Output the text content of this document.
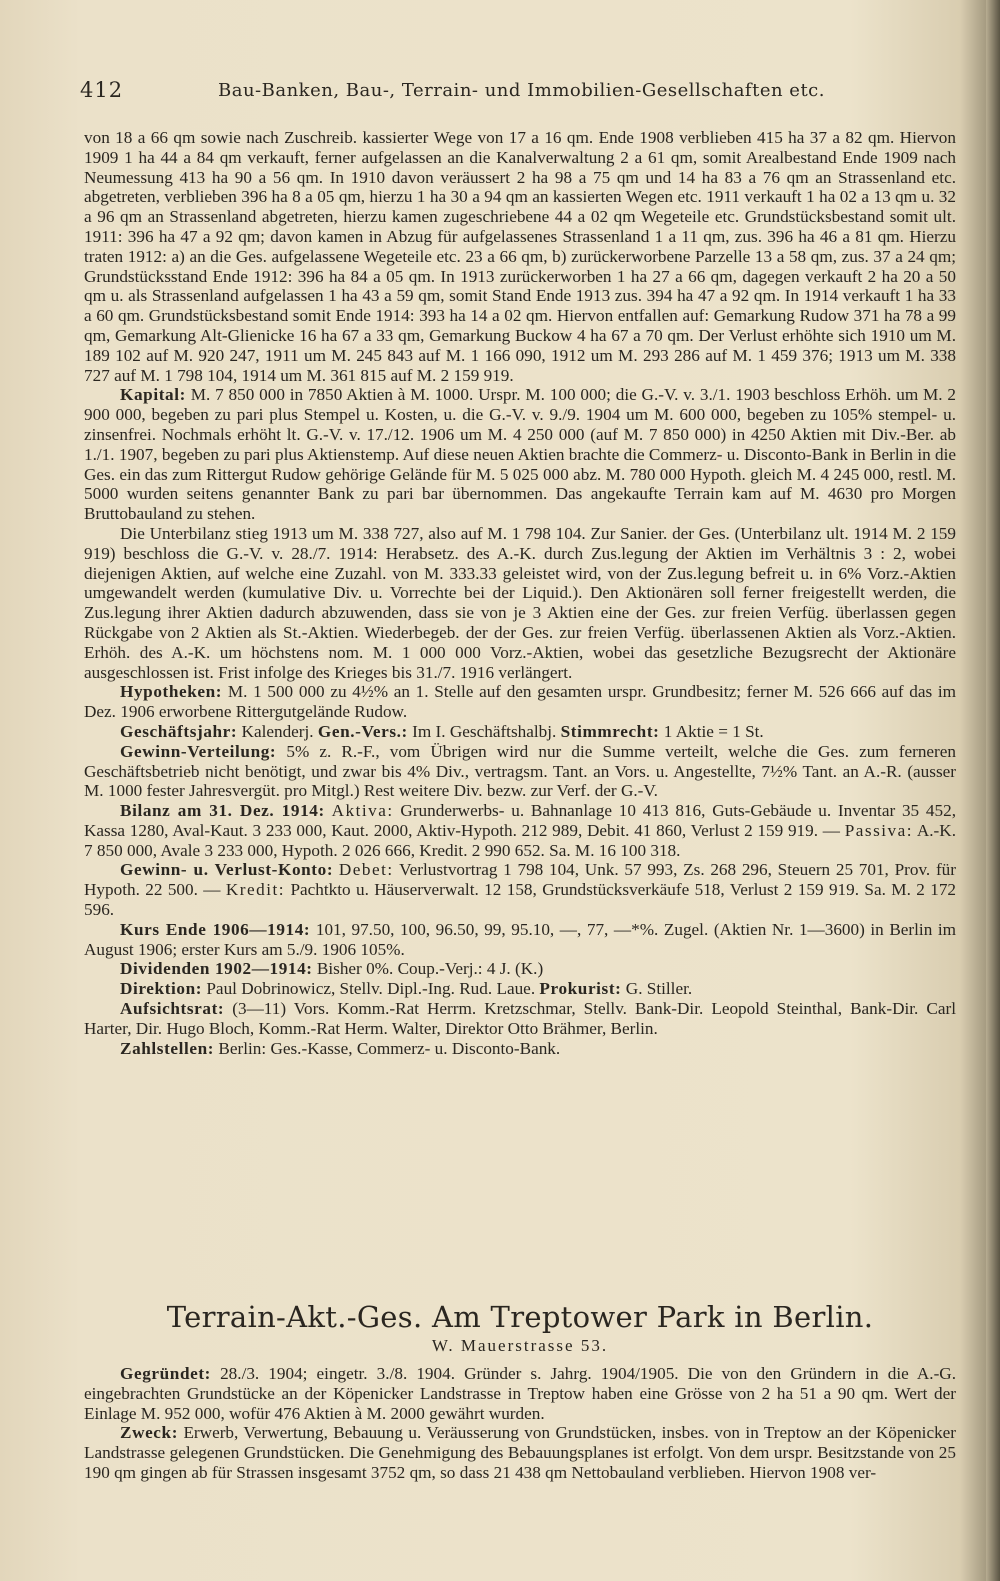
412	Bau-Banken, Bau-, Terrain- und Immobilien-Gesellschaften etc.

von 18 a 66 qm sowie nach Zuschreib. kassierter Wege von 17 a 16 qm. Ende 1908 verblieben 415 ha 37 a 82 qm. Hiervon 1909 1 ha 44 a 84 qm verkauft, ferner aufgelassen an die Kanalverwaltung 2 a 61 qm, somit Arealbestand Ende 1909 nach Neumessung 413 ha 90 a 56 qm. In 1910 davon veräussert 2 ha 98 a 75 qm und 14 ha 83 a 76 qm an Strassenland etc. abgetreten, verblieben 396 ha 8 a 05 qm, hierzu 1 ha 30 a 94 qm an kassierten Wegen etc. 1911 verkauft 1 ha 02 a 13 qm u. 32 a 96 qm an Strassenland abgetreten, hierzu kamen zugeschriebene 44 a 02 qm Wegeteile etc. Grundstücksbestand somit ult. 1911: 396 ha 47 a 92 qm; davon kamen in Abzug für aufgelassenes Strassenland 1 a 11 qm, zus. 396 ha 46 a 81 qm. Hierzu traten 1912: a) an die Ges. aufgelassene Wegeteile etc. 23 a 66 qm, b) zurückerworbene Parzelle 13 a 58 qm, zus. 37 a 24 qm; Grundstücksstand Ende 1912: 396 ha 84 a 05 qm. In 1913 zurückerworben 1 ha 27 a 66 qm, dagegen verkauft 2 ha 20 a 50 qm u. als Strassenland aufgelassen 1 ha 43 a 59 qm, somit Stand Ende 1913 zus. 394 ha 47 a 92 qm. In 1914 verkauft 1 ha 33 a 60 qm. Grundstücksbestand somit Ende 1914: 393 ha 14 a 02 qm. Hiervon entfallen auf: Gemarkung Rudow 371 ha 78 a 99 qm, Gemarkung Alt-Glienicke 16 ha 67 a 33 qm, Gemarkung Buckow 4 ha 67 a 70 qm. Der Verlust erhöhte sich 1910 um M. 189 102 auf M. 920 247, 1911 um M. 245 843 auf M. 1 166 090, 1912 um M. 293 286 auf M. 1 459 376; 1913 um M. 338 727 auf M. 1 798 104, 1914 um M. 361 815 auf M. 2 159 919.

Kapital: M. 7 850 000 in 7850 Aktien à M. 1000. Urspr. M. 100 000; die G.-V. v. 3./1. 1903 beschloss Erhöh. um M. 2 900 000, begeben zu pari plus Stempel u. Kosten, u. die G.-V. v. 9./9. 1904 um M. 600 000, begeben zu 105% stempel- u. zinsenfrei. Nochmals erhöht lt. G.-V. v. 17./12. 1906 um M. 4 250 000 (auf M. 7 850 000) in 4250 Aktien mit Div.-Ber. ab 1./1. 1907, begeben zu pari plus Aktienstemp. Auf diese neuen Aktien brachte die Commerz- u. Disconto-Bank in Berlin in die Ges. ein das zum Rittergut Rudow gehörige Gelände für M. 5 025 000 abz. M. 780 000 Hypoth. gleich M. 4 245 000, restl. M. 5000 wurden seitens genannter Bank zu pari bar übernommen. Das angekaufte Terrain kam auf M. 4630 pro Morgen Bruttobauland zu stehen.

Die Unterbilanz stieg 1913 um M. 338 727, also auf M. 1 798 104. Zur Sanier. der Ges. (Unterbilanz ult. 1914 M. 2 159 919) beschloss die G.-V. v. 28./7. 1914: Herabsetz. des A.-K. durch Zus.legung der Aktien im Verhältnis 3 : 2, wobei diejenigen Aktien, auf welche eine Zuzahl. von M. 333.33 geleistet wird, von der Zus.legung befreit u. in 6% Vorz.-Aktien umgewandelt werden (kumulative Div. u. Vorrechte bei der Liquid.). Den Aktionären soll ferner freigestellt werden, die Zus.legung ihrer Aktien dadurch abzuwenden, dass sie von je 3 Aktien eine der Ges. zur freien Verfüg. überlassen gegen Rückgabe von 2 Aktien als St.-Aktien. Wiederbegeb. der der Ges. zur freien Verfüg. überlassenen Aktien als Vorz.-Aktien. Erhöh. des A.-K. um höchstens nom. M. 1 000 000 Vorz.-Aktien, wobei das gesetzliche Bezugsrecht der Aktionäre ausgeschlossen ist. Frist infolge des Krieges bis 31./7. 1916 verlängert.

Hypotheken: M. 1 500 000 zu 4½% an 1. Stelle auf den gesamten urspr. Grundbesitz; ferner M. 526 666 auf das im Dez. 1906 erworbene Rittergutgelände Rudow.

Geschäftsjahr: Kalenderj. Gen.-Vers.: Im I. Geschäftshalbj. Stimmrecht: 1 Aktie = 1 St.

Gewinn-Verteilung: 5% z. R.-F., vom Übrigen wird nur die Summe verteilt, welche die Ges. zum ferneren Geschäftsbetrieb nicht benötigt, und zwar bis 4% Div., vertragsm. Tant. an Vors. u. Angestellte, 7½% Tant. an A.-R. (ausser M. 1000 fester Jahresvergüt. pro Mitgl.) Rest weitere Div. bezw. zur Verf. der G.-V.

Bilanz am 31. Dez. 1914: Aktiva: Grunderwerbs- u. Bahnanlage 10 413 816, Guts-Gebäude u. Inventar 35 452, Kassa 1280, Aval-Kaut. 3 233 000, Kaut. 2000, Aktiv-Hypoth. 212 989, Debit. 41 860, Verlust 2 159 919. — Passiva: A.-K. 7 850 000, Avale 3 233 000, Hypoth. 2 026 666, Kredit. 2 990 652. Sa. M. 16 100 318.

Gewinn- u. Verlust-Konto: Debet: Verlustvortrag 1 798 104, Unk. 57 993, Zs. 268 296, Steuern 25 701, Prov. für Hypoth. 22 500. — Kredit: Pachtkto u. Häuserverwalt. 12 158, Grundstücksverkäufe 518, Verlust 2 159 919. Sa. M. 2 172 596.

Kurs Ende 1906—1914: 101, 97.50, 100, 96.50, 99, 95.10, —, 77, —*%. Zugel. (Aktien Nr. 1—3600) in Berlin im August 1906; erster Kurs am 5./9. 1906 105%.

Dividenden 1902—1914: Bisher 0%. Coup.-Verj.: 4 J. (K.)

Direktion: Paul Dobrinowicz, Stellv. Dipl.-Ing. Rud. Laue. Prokurist: G. Stiller.

Aufsichtsrat: (3—11) Vors. Komm.-Rat Herrm. Kretzschmar, Stellv. Bank-Dir. Leopold Steinthal, Bank-Dir. Carl Harter, Dir. Hugo Bloch, Komm.-Rat Herm. Walter, Direktor Otto Brähmer, Berlin.

Zahlstellen: Berlin: Ges.-Kasse, Commerz- u. Disconto-Bank.

Terrain-Akt.-Ges. Am Treptower Park in Berlin.
W. Mauerstrasse 53.

Gegründet: 28./3. 1904; eingetr. 3./8. 1904. Gründer s. Jahrg. 1904/1905. Die von den Gründern in die A.-G. eingebrachten Grundstücke an der Köpenicker Landstrasse in Treptow haben eine Grösse von 2 ha 51 a 90 qm. Wert der Einlage M. 952 000, wofür 476 Aktien à M. 2000 gewährt wurden.

Zweck: Erwerb, Verwertung, Bebauung u. Veräusserung von Grundstücken, insbes. von in Treptow an der Köpenicker Landstrasse gelegenen Grundstücken. Die Genehmigung des Bebauungsplanes ist erfolgt. Von dem urspr. Besitzstande von 25 190 qm gingen ab für Strassen insgesamt 3752 qm, so dass 21 438 qm Nettobauland verblieben. Hiervon 1908 ver-
